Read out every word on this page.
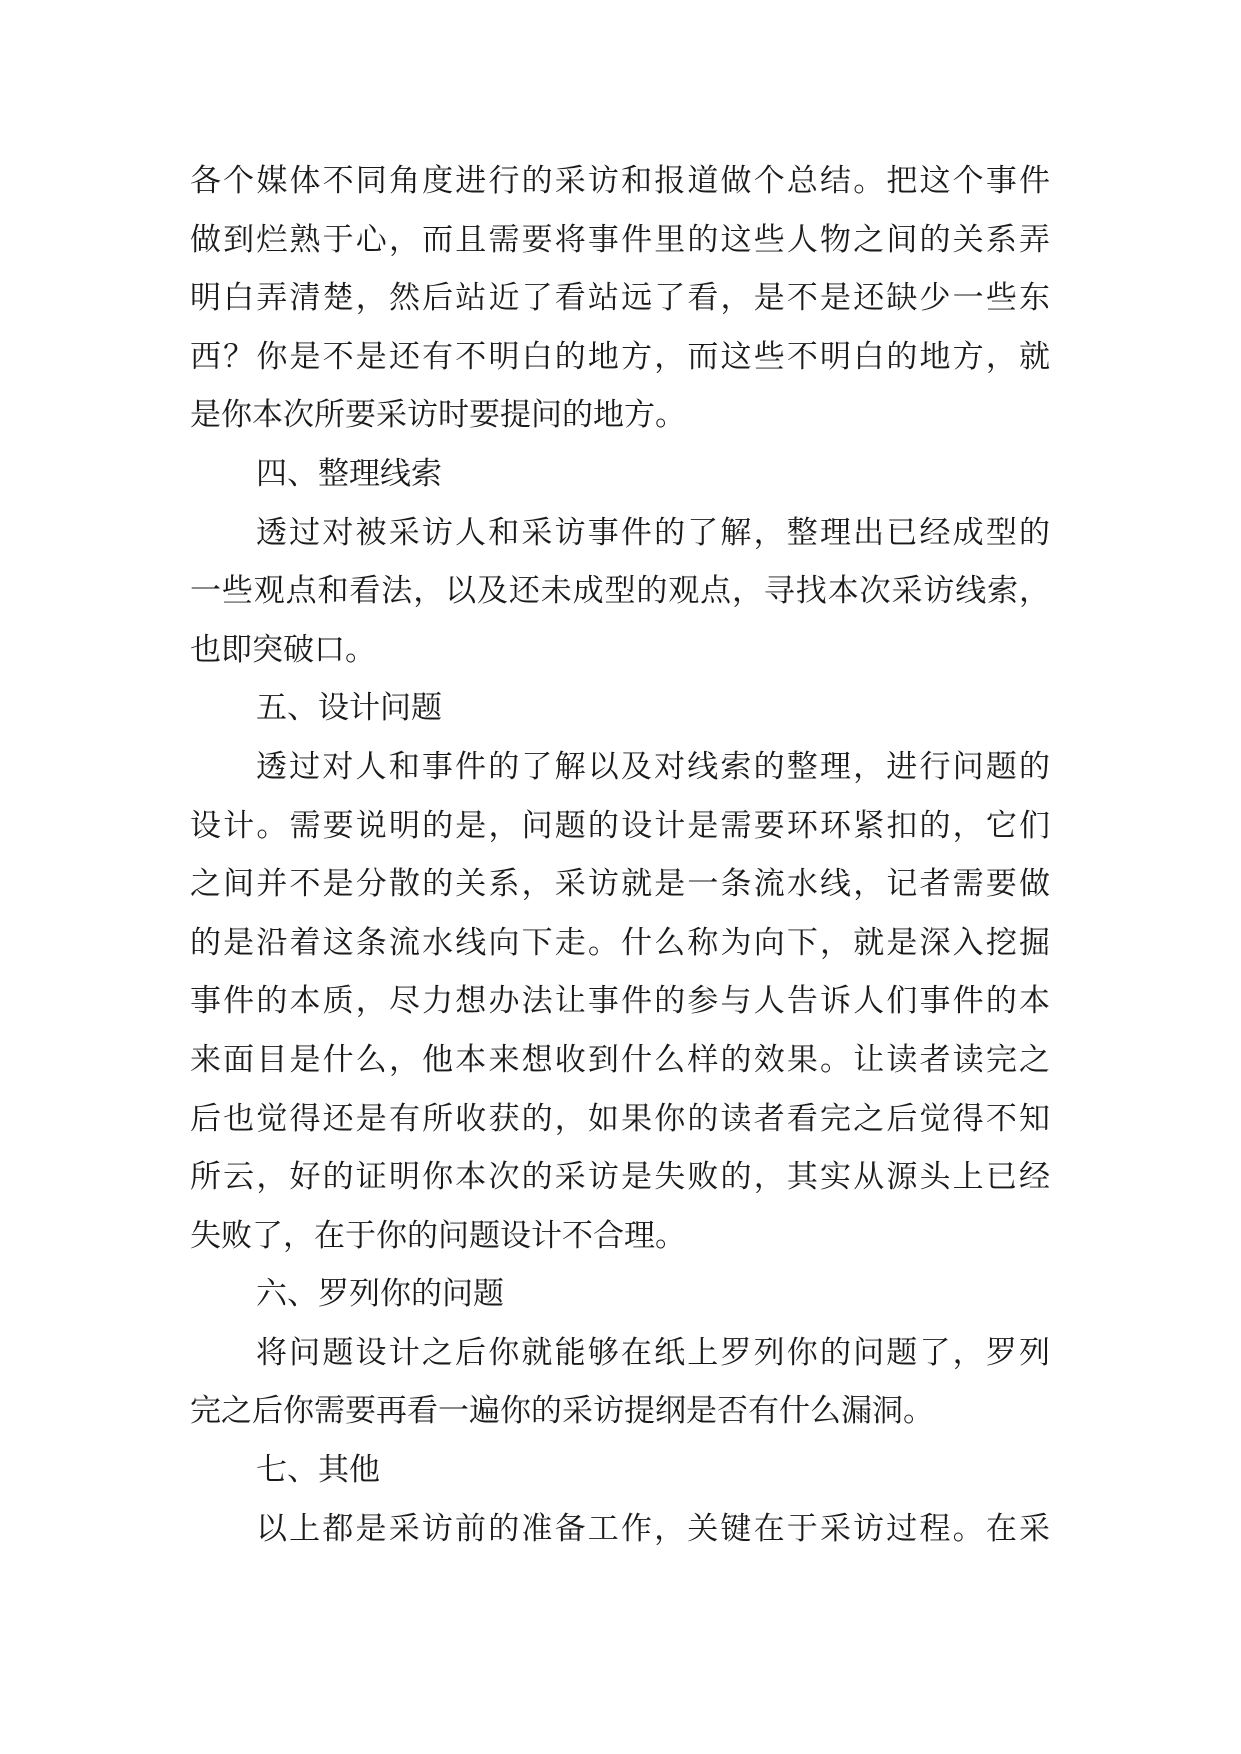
各个媒体不同角度进行的采访和报道做个总结。把这个事件
做到烂熟于心，而且需要将事件里的这些人物之间的关系弄
明白弄清楚，然后站近了看站远了看，是不是还缺少一些东
西？你是不是还有不明白的地方，而这些不明白的地方，就
是你本次所要采访时要提问的地方。
四、整理线索
透过对被采访人和采访事件的了解，整理出已经成型的
一些观点和看法，以及还未成型的观点，寻找本次采访线索，
也即突破口。
五、设计问题
透过对人和事件的了解以及对线索的整理，进行问题的
设计。需要说明的是，问题的设计是需要环环紧扣的，它们
之间并不是分散的关系，采访就是一条流水线，记者需要做
的是沿着这条流水线向下走。什么称为向下，就是深入挖掘
事件的本质，尽力想办法让事件的参与人告诉人们事件的本
来面目是什么，他本来想收到什么样的效果。让读者读完之
后也觉得还是有所收获的，如果你的读者看完之后觉得不知
所云，好的证明你本次的采访是失败的，其实从源头上已经
失败了，在于你的问题设计不合理。
六、罗列你的问题
将问题设计之后你就能够在纸上罗列你的问题了，罗列
完之后你需要再看一遍你的采访提纲是否有什么漏洞。
七、其他
以上都是采访前的准备工作，关键在于采访过程。在采
